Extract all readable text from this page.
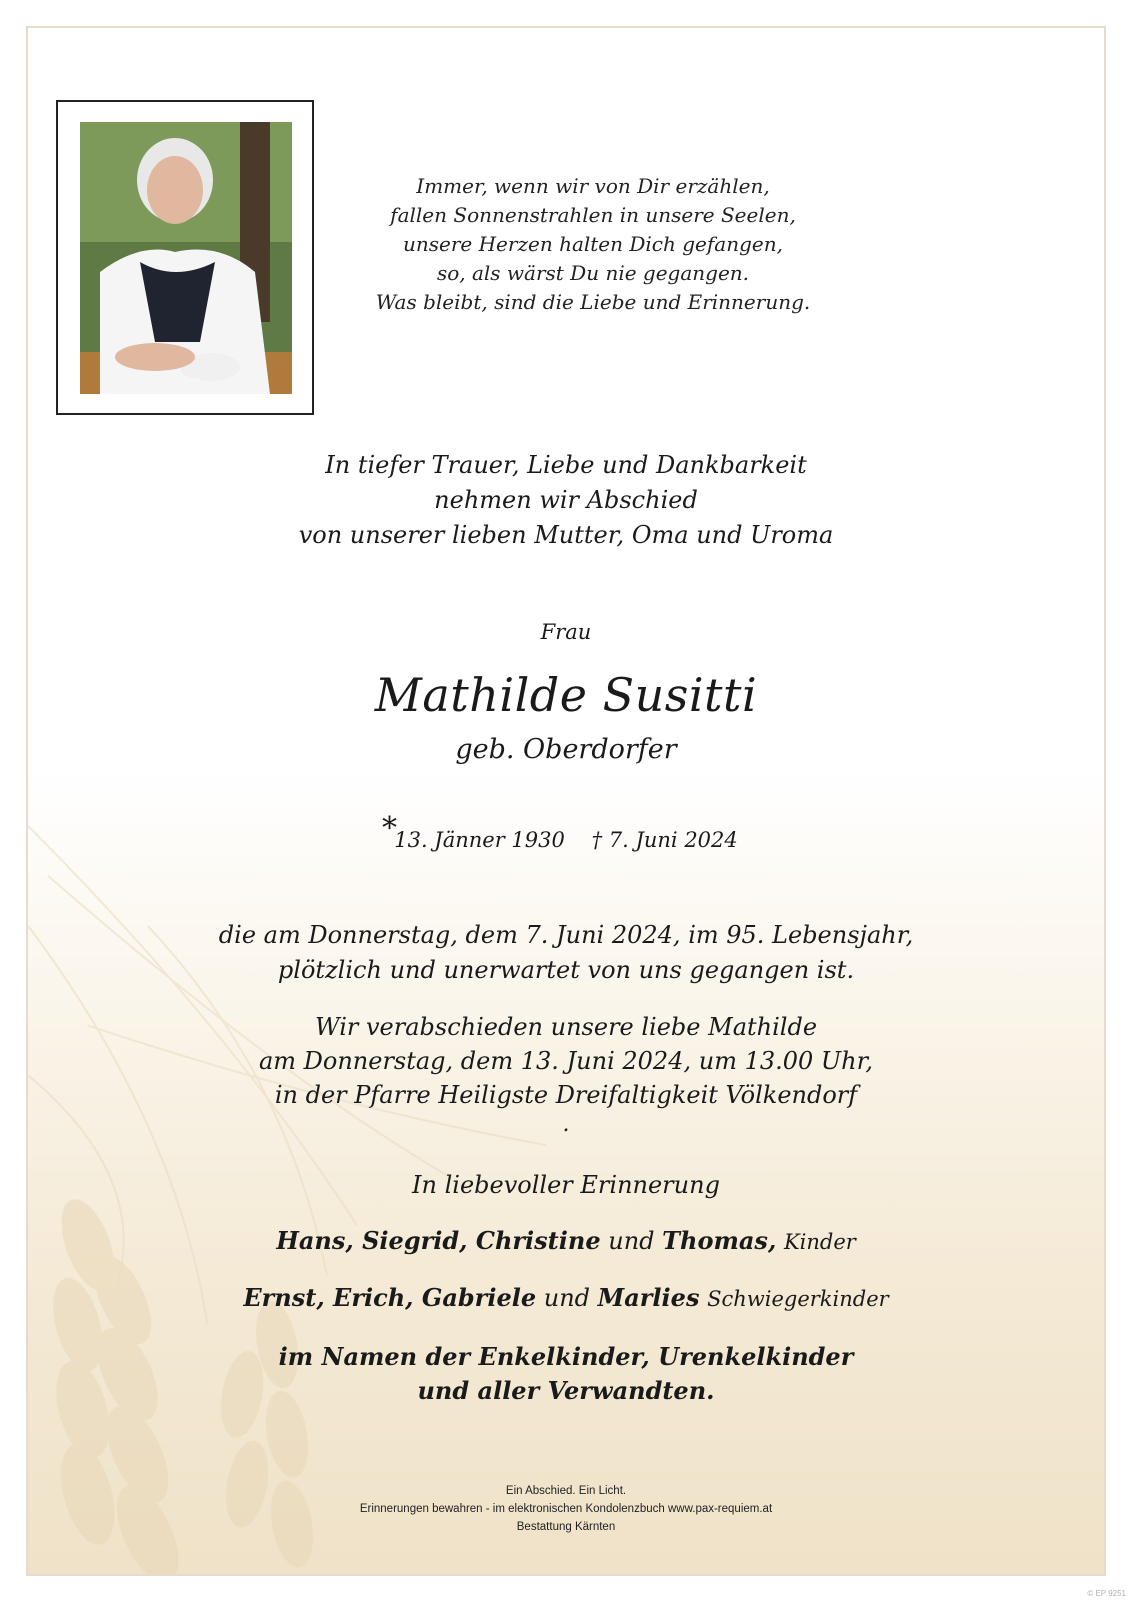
Immer, wenn wir von Dir erzählen,
fallen Sonnenstrahlen in unsere Seelen,
unsere Herzen halten Dich gefangen,
so, als wärst Du nie gegangen.
Was bleibt, sind die Liebe und Erinnerung.
In tiefer Trauer, Liebe und Dankbarkeit
nehmen wir Abschied
von unserer lieben Mutter, Oma und Uroma
Frau
Mathilde Susitti
geb. Oberdorfer
*
13. Jänner 1930 † 7. Juni 2024
die am Donnerstag, dem 7. Juni 2024, im 95. Lebensjahr,
plötzlich und unerwartet von uns gegangen ist.
Wir verabschieden unsere liebe Mathilde
am Donnerstag, dem 13. Juni 2024, um 13.00 Uhr,
in der Pfarre Heiligste Dreifaltigkeit Völkendorf
.
In liebevoller Erinnerung
Hans, Siegrid, Christine und Thomas, Kinder
Ernst, Erich, Gabriele und Marlies Schwiegerkinder
im Namen der Enkelkinder, Urenkelkinder
und aller Verwandten.
Ein Abschied. Ein Licht.
Erinnerungen bewahren - im elektronischen Kondolenzbuch www.pax-requiem.at
Bestattung Kärnten
© EP 9251
